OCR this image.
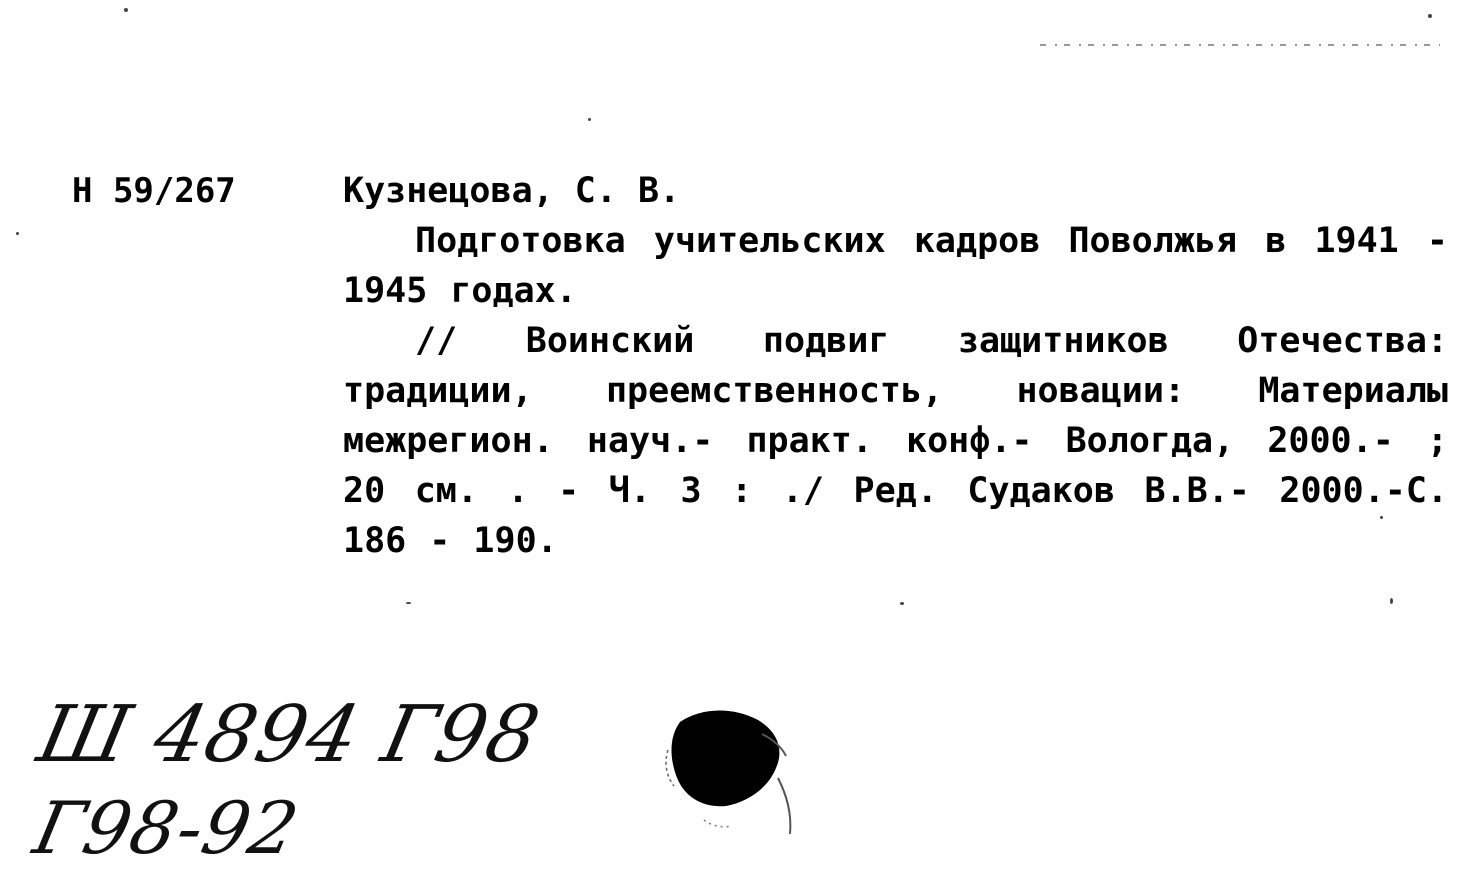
Н 59/267	Кузнецова, С. В.
Подготовка учительских кадров Поволжья в 1941 - 1945 годах.
// Воинский подвиг защитников Отечества: традиции, преемственность, новации: Материалы межрегион. науч.- практ. конф.- Вологда, 2000.- ; 20 см. . - Ч. 3 : ./ Ред. Судаков В.В.- 2000.-С. 186 - 190.
Ш 4894 Г98
Г98-92
